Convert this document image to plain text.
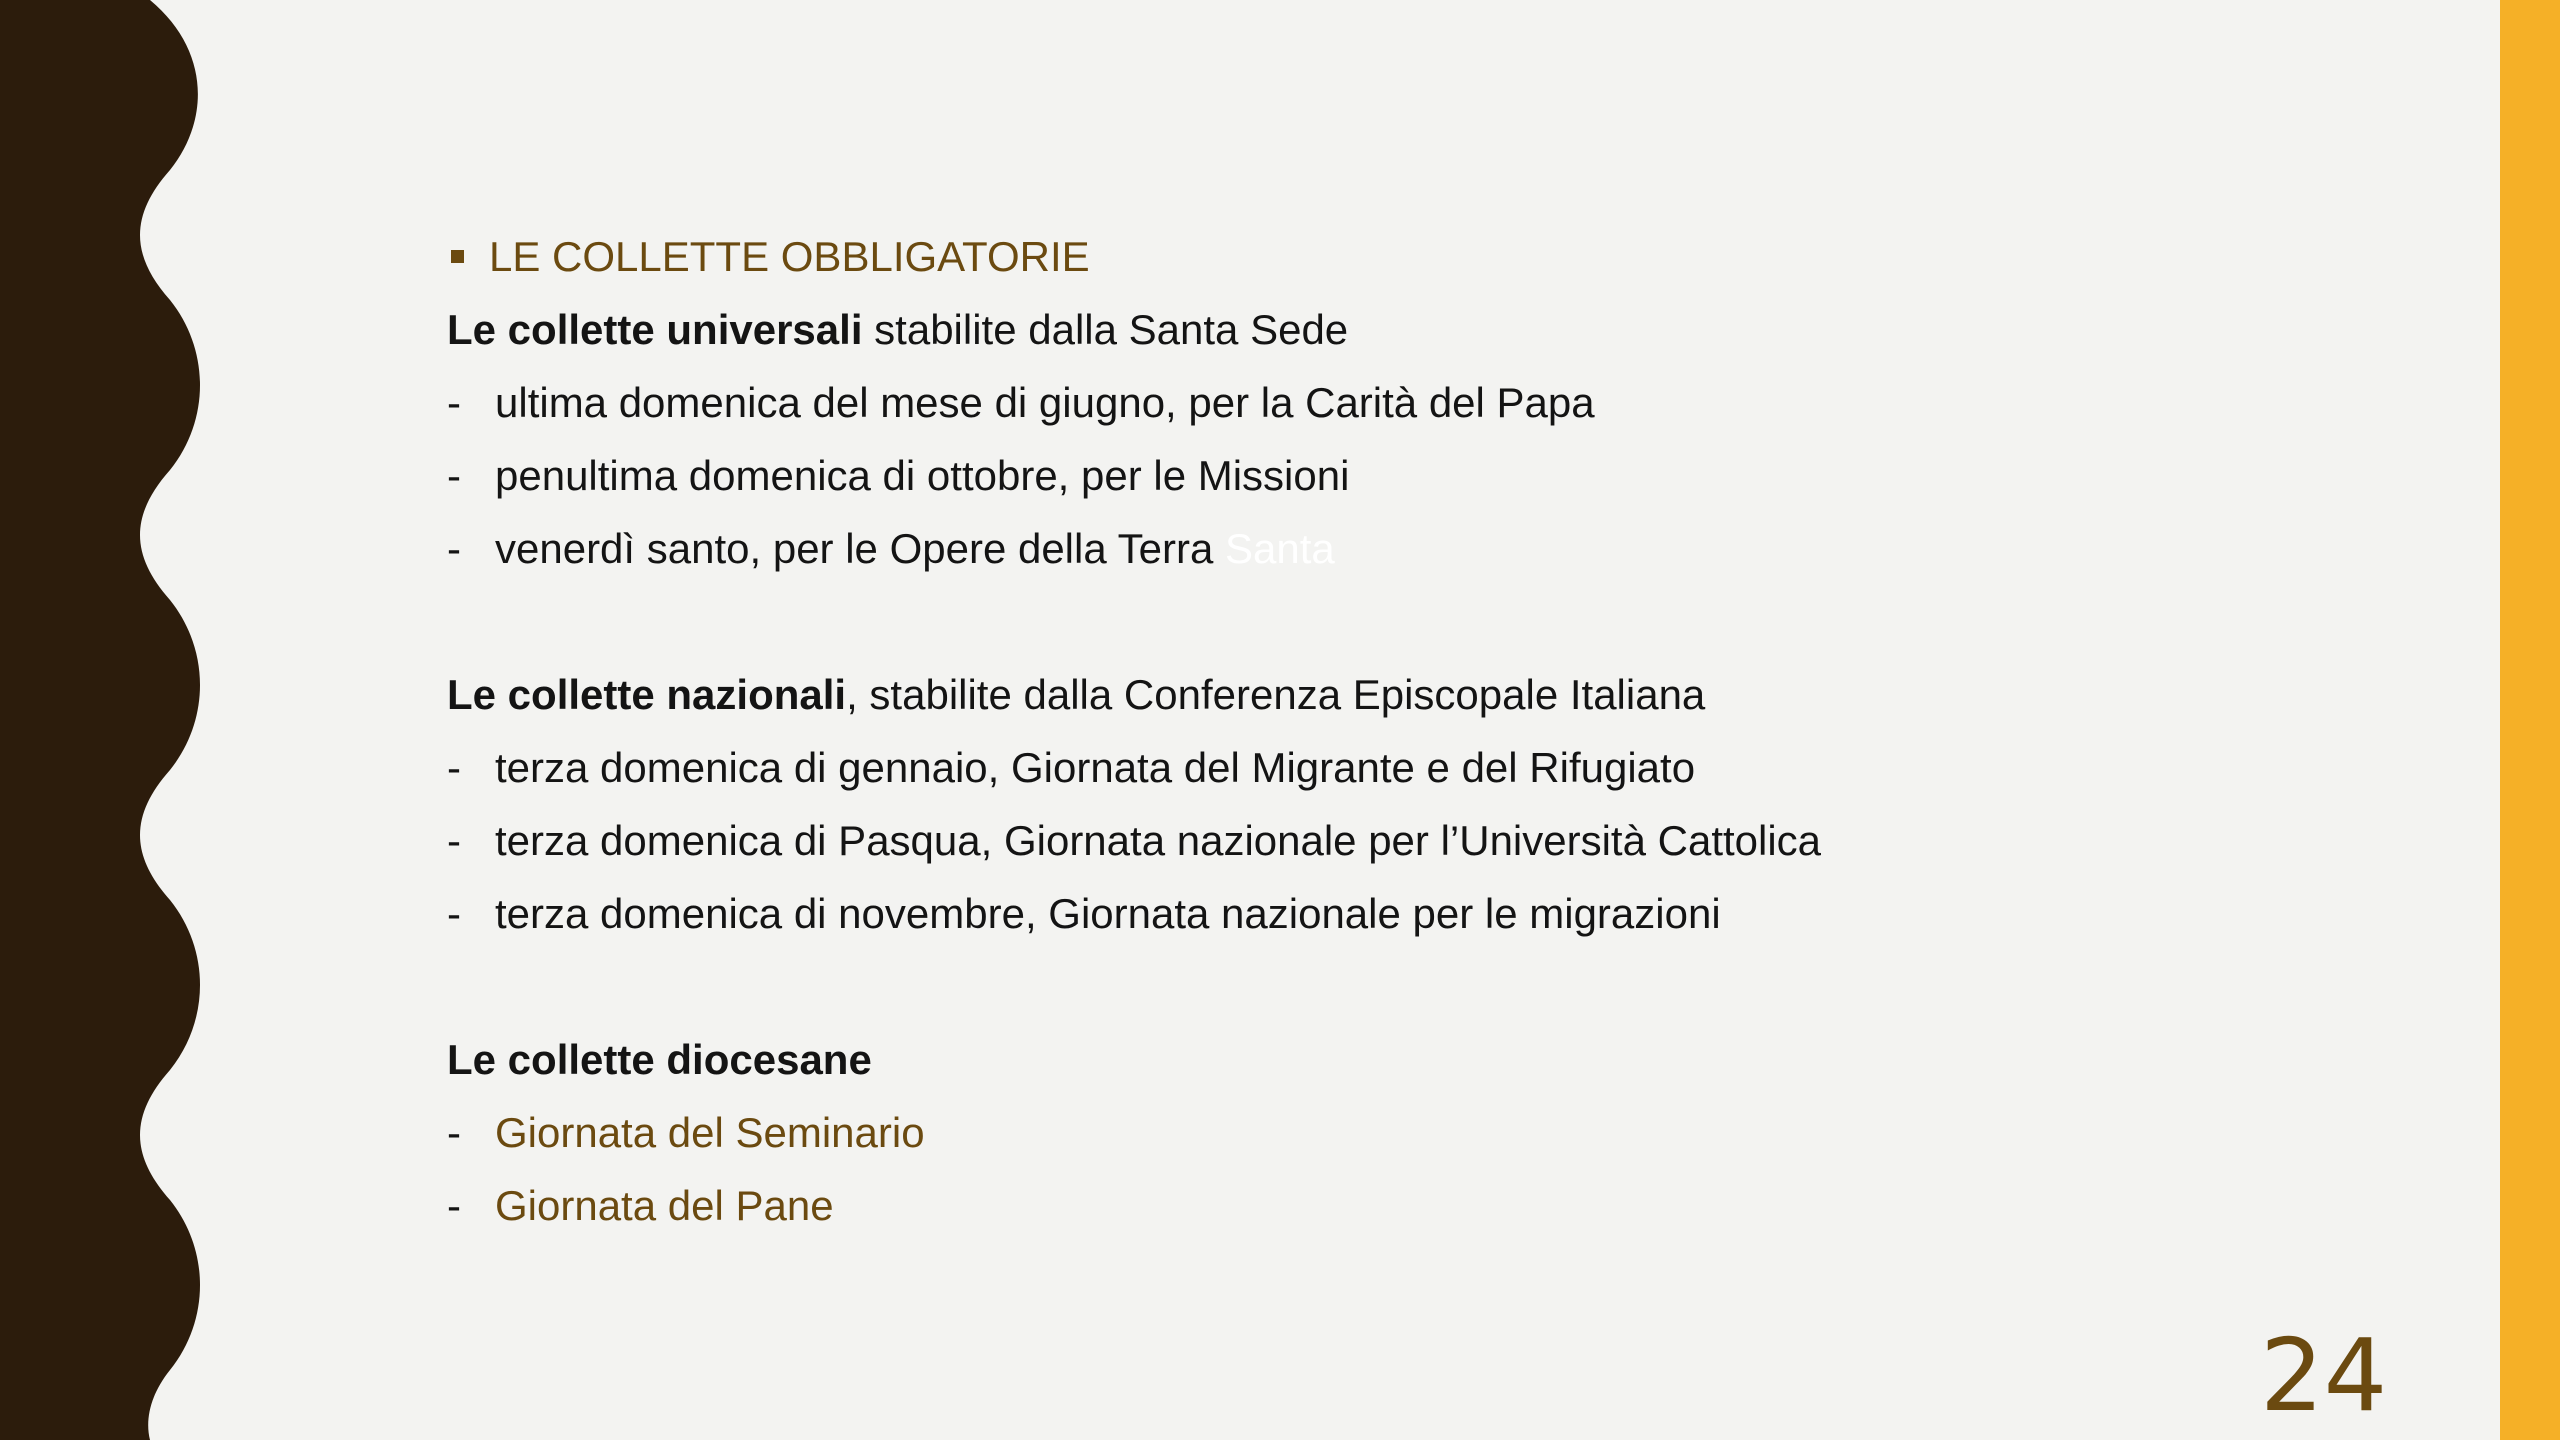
LE COLLETTE OBBLIGATORIE
Le collette universali stabilite dalla Santa Sede
- ultima domenica del mese di giugno, per la Carità del Papa
- penultima domenica di ottobre, per le Missioni
- venerdì santo, per le Opere della Terra Santa
Le collette nazionali, stabilite dalla Conferenza Episcopale Italiana
- terza domenica di gennaio, Giornata del Migrante e del Rifugiato
- terza domenica di Pasqua, Giornata nazionale per l’Università Cattolica
- terza domenica di novembre, Giornata nazionale per le migrazioni
Le collette diocesane
- Giornata del Seminario
- Giornata del Pane
24
